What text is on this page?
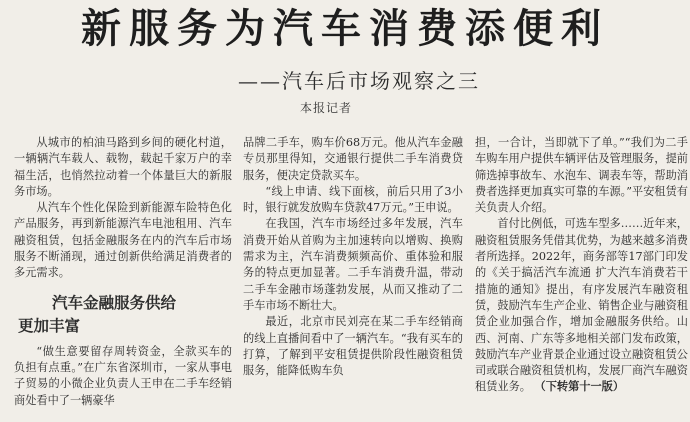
新服务为汽车消费添便利
——汽车后市场观察之三
本报记者

从城市的柏油马路到乡间的硬化村道，一辆辆汽车载人、载物，载起千家万户的幸福生活，也悄然拉动着一个体量巨大的新服务市场。

从汽车个性化保险到新能源车险特色化产品服务，再到新能源汽车电池租用、汽车融资租赁，包括金融服务在内的汽车后市场服务不断涌现，通过创新供给满足消费者的多元需求。

汽车金融服务供给
更加丰富

“做生意要留存周转资金，全款买车的负担有点重。”在广东省深圳市，一家从事电子贸易的小微企业负责人王申在二手车经销商处看中了一辆豪华

品牌二手车，购车价68万元。他从汽车金融专员那里得知，交通银行提供二手车消费贷服务，便决定贷款买车。

“线上申请、线下面核，前后只用了3小时，银行就发放购车贷款47万元。”王申说。

在我国，汽车市场经过多年发展，汽车消费开始从首购为主加速转向以增购、换购需求为主，汽车消费频频高价、重体验和服务的特点更加显著。二手车消费升温，带动二手车金融市场蓬勃发展，从而又推动了二手车市场不断壮大。

最近，北京市民刘亮在某二手车经销商的线上直播间看中了一辆汽车。“我有买车的打算，了解到平安租赁提供阶段性融资租赁服务，能降低购车负

担，一合计，当即就下了单。”“我们为二手车购车用户提供车辆评估及管理服务，提前筛选掉事故车、水泡车、调表车等，帮助消费者选择更加真实可靠的车源。”平安租赁有关负责人介绍。

首付比例低，可选车型多……近年来，融资租赁服务凭借其优势，为越来越多消费者所选择。2022年，商务部等17部门印发的《关于搞活汽车流通 扩大汽车消费若干措施的通知》提出，有序发展汽车融资租赁，鼓励汽车生产企业、销售企业与融资租赁企业加强合作，增加金融服务供给。山西、河南、广东等多地相关部门发布政策，鼓励汽车产业背景企业通过设立融资租赁公司或联合融资租赁机构，发展厂商汽车融资租赁业务。 （下转第十一版）
